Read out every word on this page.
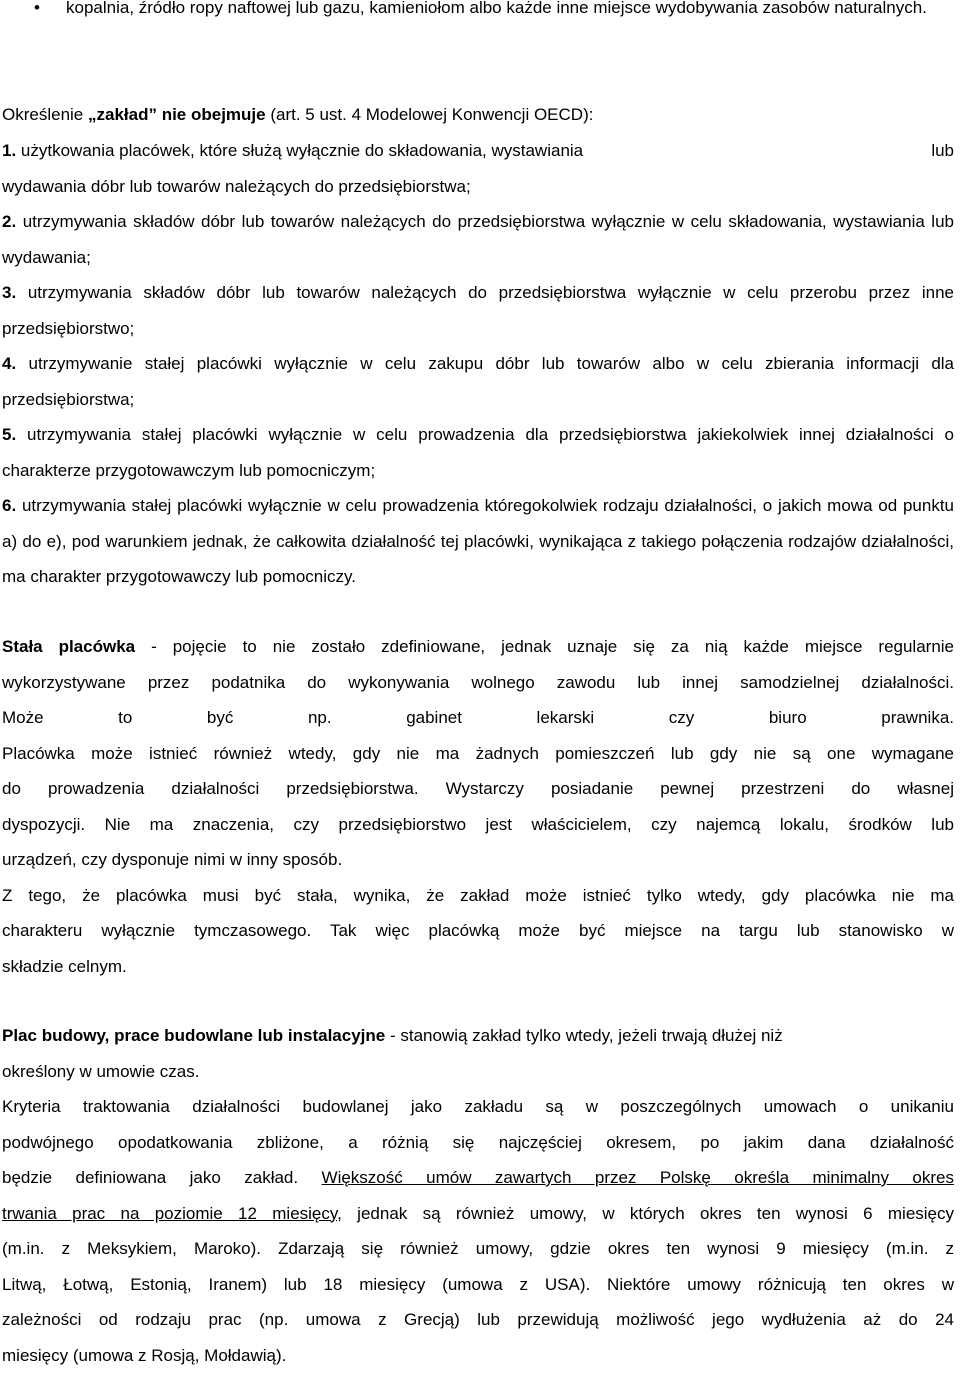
• kopalnia, źródło ropy naftowej lub gazu, kamieniołom albo każde inne miejsce wydobywania zasobów naturalnych.
Określenie „zakład” nie obejmuje (art. 5 ust. 4 Modelowej Konwencji OECD):
1. użytkowania placówek, które służą wyłącznie do składowania, wystawiania	lub
wydawania dóbr lub towarów należących do przedsiębiorstwa;
2. utrzymywania składów dóbr lub towarów należących do przedsiębiorstwa wyłącznie w celu składowania, wystawiania lub wydawania;
3. utrzymywania składów dóbr lub towarów należących do przedsiębiorstwa wyłącznie w celu przerobu przez inne przedsiębiorstwo;
4. utrzymywanie stałej placówki wyłącznie w celu zakupu dóbr lub towarów albo w celu zbierania informacji dla przedsiębiorstwa;
5. utrzymywania stałej placówki wyłącznie w celu prowadzenia dla przedsiębiorstwa jakiekolwiek innej działalności o charakterze przygotowawczym lub pomocniczym;
6. utrzymywania stałej placówki wyłącznie w celu prowadzenia któregokolwiek rodzaju działalności, o jakich mowa od punktu a) do e), pod warunkiem jednak, że całkowita działalność tej placówki, wynikająca z takiego połączenia rodzajów działalności, ma charakter przygotowawczy lub pomocniczy.
Stała placówka - pojęcie to nie zostało zdefiniowane, jednak uznaje się za nią każde miejsce regularnie
wykorzystywane przez podatnika do wykonywania wolnego zawodu lub innej samodzielnej działalności.
Może to być np. gabinet lekarski czy biuro prawnika.
Placówka może istnieć również wtedy, gdy nie ma żadnych pomieszczeń lub gdy nie są one wymagane
do prowadzenia działalności przedsiębiorstwa. Wystarczy posiadanie pewnej przestrzeni do własnej
dyspozycji. Nie ma znaczenia, czy przedsiębiorstwo jest właścicielem, czy najemcą lokalu, środków lub
urządzeń, czy dysponuje nimi w inny sposób.
Z tego, że placówka musi być stała, wynika, że zakład może istnieć tylko wtedy, gdy placówka nie ma
charakteru wyłącznie tymczasowego. Tak więc placówką może być miejsce na targu lub stanowisko w
składzie celnym.
Plac budowy, prace budowlane lub instalacyjne - stanowią zakład tylko wtedy, jeżeli trwają dłużej niż
określony w umowie czas.
Kryteria traktowania działalności budowlanej jako zakładu są w poszczególnych umowach o unikaniu
podwójnego opodatkowania zbliżone, a różnią się najczęściej okresem, po jakim dana działalność
będzie definiowana jako zakład. Większość umów zawartych przez Polskę określa minimalny okres
trwania prac na poziomie 12 miesięcy, jednak są również umowy, w których okres ten wynosi 6 miesięcy
(m.in. z Meksykiem, Maroko). Zdarzają się również umowy, gdzie okres ten wynosi 9 miesięcy (m.in. z
Litwą, Łotwą, Estonią, Iranem) lub 18 miesięcy (umowa z USA). Niektóre umowy różnicują ten okres w
zależności od rodzaju prac (np. umowa z Grecją) lub przewidują możliwość jego wydłużenia aż do 24
miesięcy (umowa z Rosją, Mołdawią).
